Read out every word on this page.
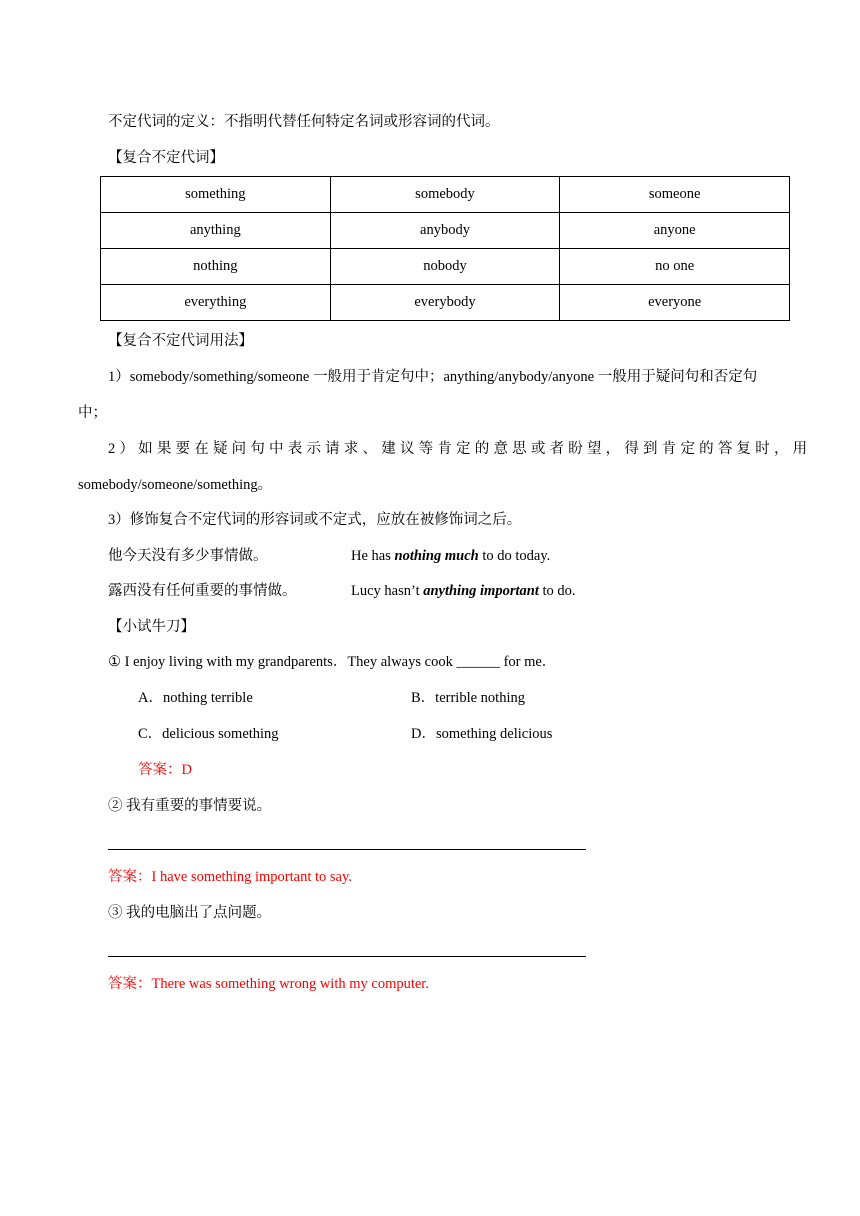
不定代词的定义：不指明代替任何特定名词或形容词的代词。
【复合不定代词】
something	somebody	someone
anything	anybody	anyone
nothing	nobody	no one
everything	everybody	everyone
【复合不定代词用法】
1）somebody/something/someone 一般用于肯定句中；anything/anybody/anyone 一般用于疑问句和否定句
中；
2）如果要在疑问句中表示请求、建议等肯定的意思或者盼望，得到肯定的答复时，用
somebody/someone/something。
3）修饰复合不定代词的形容词或不定式，应放在被修饰词之后。
他今天没有多少事情做。	He has nothing much to do today.
露西没有任何重要的事情做。	Lucy hasn’t anything important to do.
【小试牛刀】
① I enjoy living with my grandparents．They always cook ______ for me．
A．nothing terrible	B．terrible nothing
C．delicious something	D．something delicious
答案：D
② 我有重要的事情要说。
答案：I have something important to say.
③ 我的电脑出了点问题。
答案：There was something wrong with my computer.
